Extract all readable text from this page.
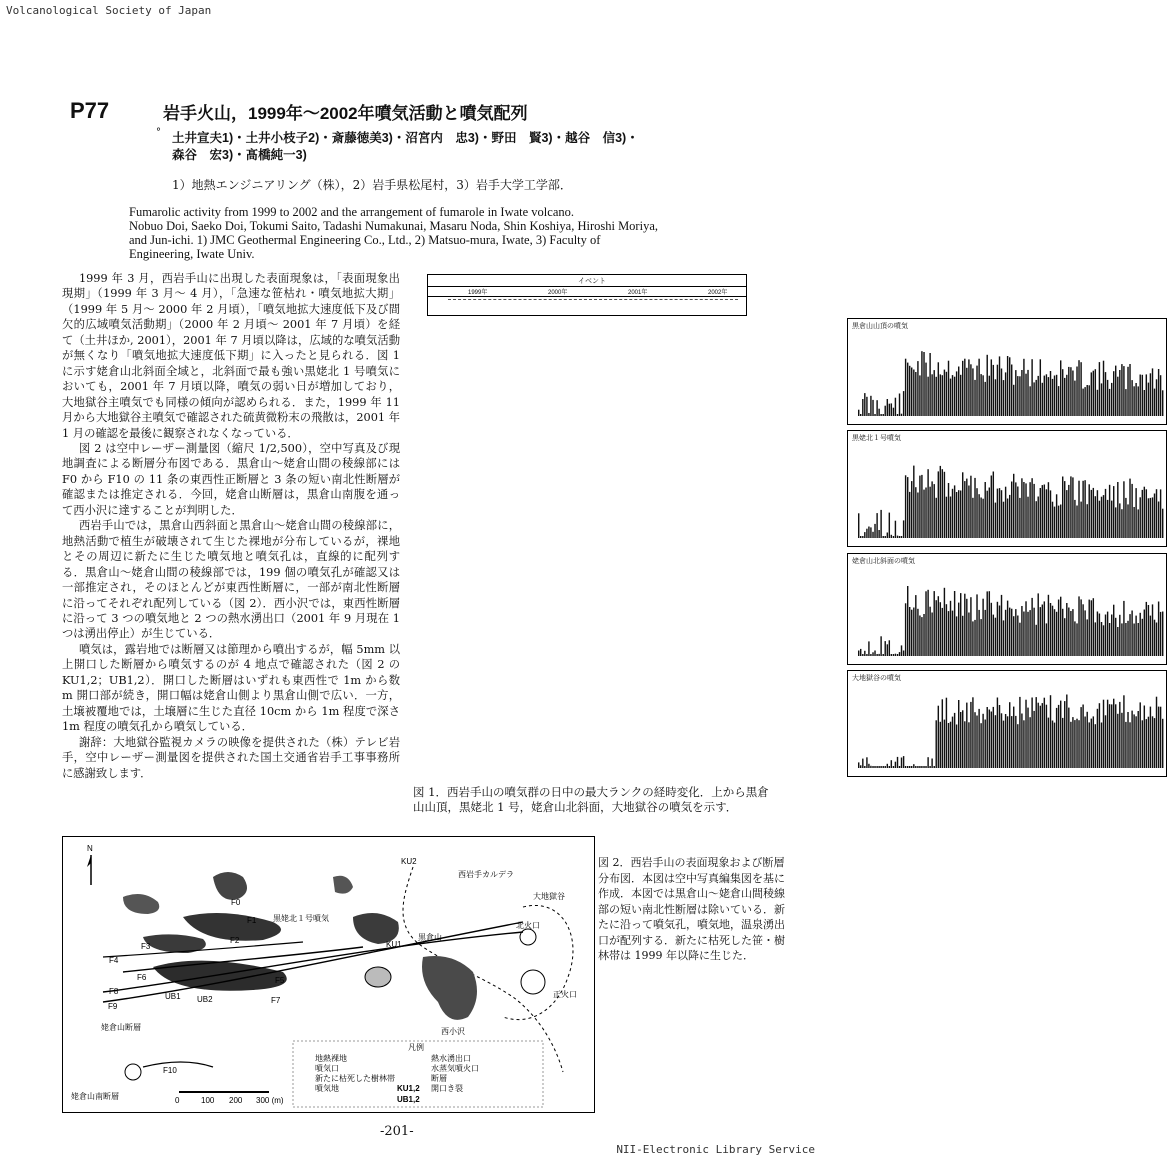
Volcanological Society of Japan
P77	岩手火山，1999年～2002年噴気活動と噴気配列
° 土井宣夫1)・土井小枝子2)・斎藤徳美3)・沼宮内　忠3)・野田　賢3)・越谷　信3)・
森谷　宏3)・髙橋純一3)
1）地熱エンジニアリング（株），2）岩手県松尾村，3）岩手大学工学部．
Fumarolic activity from 1999 to 2002 and the arrangement of fumarole in Iwate volcano.
Nobuo Doi, Saeko Doi, Tokumi Saito, Tadashi Numakunai, Masaru Noda, Shin Koshiya, Hiroshi Moriya,
and Jun-ichi. 1) JMC Geothermal Engineering Co., Ltd., 2) Matsuo-mura, Iwate, 3) Faculty of
Engineering, Iwate Univ.

1999 年 3 月，西岩手山に出現した表面現象は，「表面現象出現期」（1999 年 3 月～ 4 月），「急速な笹枯れ・噴気地拡大期」（1999 年 5 月～ 2000 年 2 月頃），「噴気地拡大速度低下及び間欠的広域噴気活動期」（2000 年 2 月頃～ 2001 年 7 月頃）を経て（土井ほか, 2001），2001 年 7 月頃以降は，広域的な噴気活動が無くなり「噴気地拡大速度低下期」に入ったと見られる．図 1 に示す姥倉山北斜面全域と，北斜面で最も強い黒姥北 1 号噴気においても，2001 年 7 月頃以降，噴気の弱い日が増加しており，大地獄谷主噴気でも同様の傾向が認められる．また，1999 年 11 月から大地獄谷主噴気で確認された硫黄微粉末の飛散は，2001 年 1 月の確認を最後に観察されなくなっている．

図 2 は空中レーザー測量図（縮尺 1/2,500），空中写真及び現地調査による断層分布図である．黒倉山～姥倉山間の稜線部には F0 から F10 の 11 条の東西性正断層と 3 条の短い南北性断層が確認または推定される．今回，姥倉山断層は，黒倉山南腹を通って西小沢に達することが判明した．

西岩手山では，黒倉山西斜面と黒倉山～姥倉山間の稜線部に，地熱活動で植生が破壊されて生じた裸地が分布しているが，裸地とその周辺に新たに生じた噴気地と噴気孔は，直線的に配列する．黒倉山～姥倉山間の稜線部では，199 個の噴気孔が確認又は一部推定され，そのほとんどが東西性断層に，一部が南北性断層に沿ってそれぞれ配列している（図 2）．西小沢では，東西性断層に沿って 3 つの噴気地と 2 つの熱水湧出口（2001 年 9 月現在 1 つは湧出停止）が生じている．

噴気は，露岩地では断層又は節理から噴出するが，幅 5mm 以上開口した断層から噴気するのが 4 地点で確認された（図 2 の KU1,2；UB1,2）．開口した断層はいずれも東西性で 1m から数 m 開口部が続き，開口幅は姥倉山側より黒倉山側で広い．一方，土壌被覆地では，土壌層に生じた直径 10cm から 1m 程度で深さ 1m 程度の噴気孔から噴気している．

謝辞：大地獄谷監視カメラの映像を提供された（株）テレビ岩手，空中レーザー測量図を提供された国土交通省岩手工事事務所に感謝致します．

イベント
1999年	2000年	2001年	2002年
黒倉山山頂の噴気
黒姥北１号噴気
姥倉山北斜面の噴気
大地獄谷の噴気
図 1．西岩手山の噴気群の日中の最大ランクの経時変化．上から黒倉山山頂，黒姥北 1 号，姥倉山北斜面，大地獄谷の噴気を示す．
N
KU2
西岩手カルデラ
大地獄谷
北火口
正火口
黒倉山
KU1
黒姥北１号噴気
西小沢
姥倉山断層
姥倉山南断層
UB1 UB2
F0
F1
F2
F3
F4
F5
F6
F7
F8
F9
F10
0	100 200 300 (m)
凡例
地熱裸地
噴気口
新たに枯死した樹林帯
噴気地
熱水湧出口
水蒸気噴火口
断層
開口き裂
KU1,2
UB1,2
図 2．西岩手山の表面現象および断層分布図．本図は空中写真編集図を基に作成．本図では黒倉山～姥倉山間稜線部の短い南北性断層は除いている．新たに沿って噴気孔，噴気地，温泉湧出口が配列する．新たに枯死した笹・樹林帯は 1999 年以降に生じた．
-201-
NII-Electronic Library Service
